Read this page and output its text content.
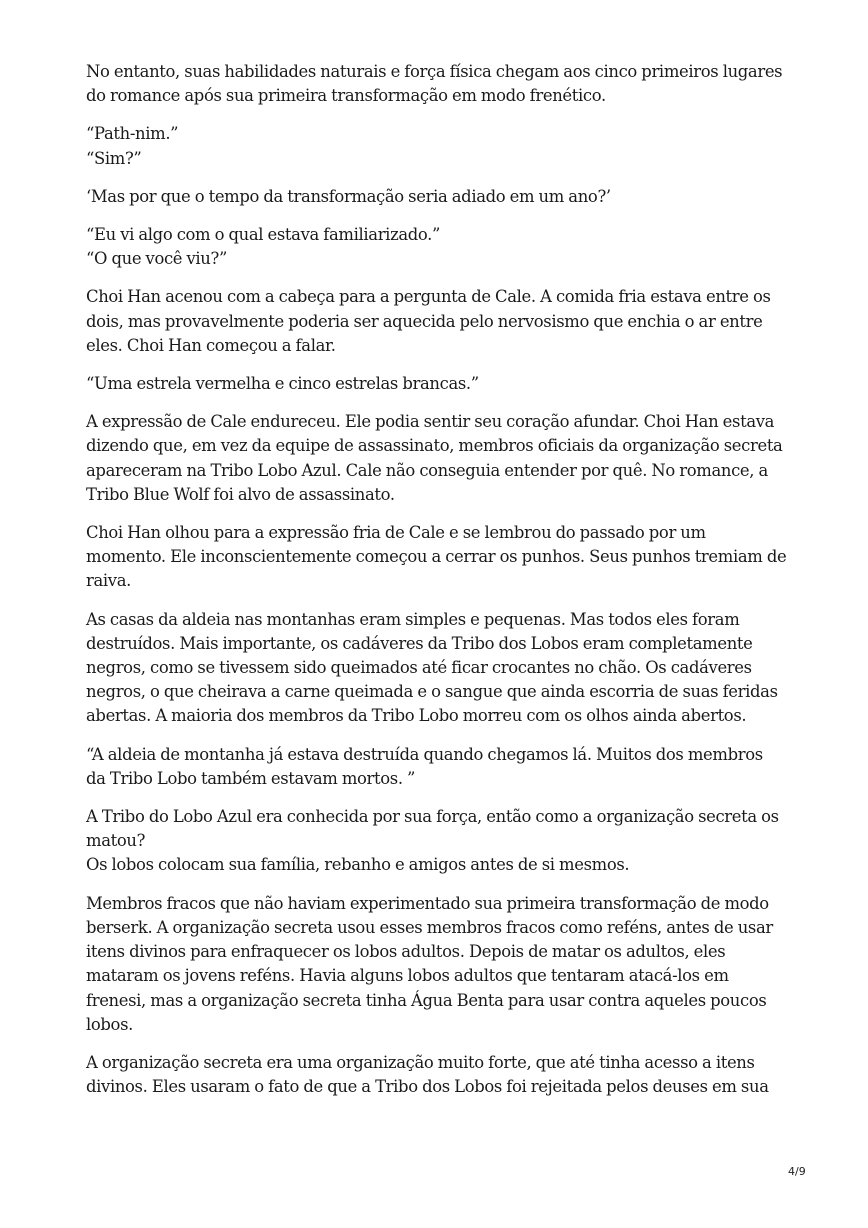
No entanto, suas habilidades naturais e força física chegam aos cinco primeiros lugares
do romance após sua primeira transformação em modo frenético.

“Path-nim.”
“Sim?”

‘Mas por que o tempo da transformação seria adiado em um ano?’

“Eu vi algo com o qual estava familiarizado.”
“O que você viu?”

Choi Han acenou com a cabeça para a pergunta de Cale. A comida fria estava entre os
dois, mas provavelmente poderia ser aquecida pelo nervosismo que enchia o ar entre
eles. Choi Han começou a falar.

“Uma estrela vermelha e cinco estrelas brancas.”

A expressão de Cale endureceu. Ele podia sentir seu coração afundar. Choi Han estava
dizendo que, em vez da equipe de assassinato, membros oficiais da organização secreta
apareceram na Tribo Lobo Azul. Cale não conseguia entender por quê. No romance, a
Tribo Blue Wolf foi alvo de assassinato.

Choi Han olhou para a expressão fria de Cale e se lembrou do passado por um
momento. Ele inconscientemente começou a cerrar os punhos. Seus punhos tremiam de
raiva.

As casas da aldeia nas montanhas eram simples e pequenas. Mas todos eles foram
destruídos. Mais importante, os cadáveres da Tribo dos Lobos eram completamente
negros, como se tivessem sido queimados até ficar crocantes no chão. Os cadáveres
negros, o que cheirava a carne queimada e o sangue que ainda escorria de suas feridas
abertas. A maioria dos membros da Tribo Lobo morreu com os olhos ainda abertos.

“A aldeia de montanha já estava destruída quando chegamos lá. Muitos dos membros
da Tribo Lobo também estavam mortos. ”

A Tribo do Lobo Azul era conhecida por sua força, então como a organização secreta os
matou?
Os lobos colocam sua família, rebanho e amigos antes de si mesmos.

Membros fracos que não haviam experimentado sua primeira transformação de modo
berserk. A organização secreta usou esses membros fracos como reféns, antes de usar
itens divinos para enfraquecer os lobos adultos. Depois de matar os adultos, eles
mataram os jovens reféns. Havia alguns lobos adultos que tentaram atacá-los em
frenesi, mas a organização secreta tinha Água Benta para usar contra aqueles poucos
lobos.

A organização secreta era uma organização muito forte, que até tinha acesso a itens
divinos. Eles usaram o fato de que a Tribo dos Lobos foi rejeitada pelos deuses em sua

4/9
